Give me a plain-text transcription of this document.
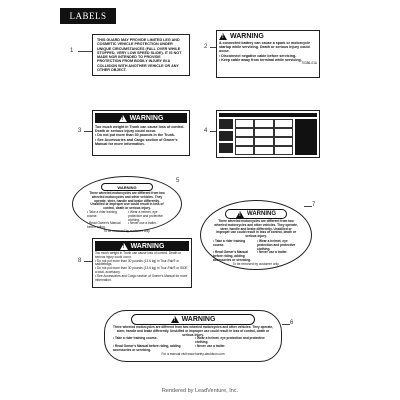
LABELS
1
THIS GUARD MAY PROVIDE LIMITED LEG AND COSMETIC VEHICLE PROTECTION UNDER UNIQUE CIRCUMSTANCES (FALL OVER WHILE STOPPED, VERY LOW SPEED SLIDE). IT IS NOT MADE NOR INTENDED TO PROVIDE PROTECTION FROM BODILY INJURY IN A COLLISION WITH ANOTHER VEHICLE OR ANY OTHER OBJECT.
2
!
WARNING
A connected battery can cause a spark or motorcycle startup while servicing. Death or serious injury could occur.
• Disconnect negative cable before servicing.
• Keep cable away from terminal while servicing.
70386-01A
3
!
WARNING
Too much weight in Trunk can cause loss of control. Death or serious injury could occur.
• Do not put more than 30 pounds in the Trunk.
• See Accessories and Cargo section of Owner's Manual for more information.
4
5
WARNING
Three wheeled motorcycles are different from two wheeled motorcycles and other vehicles. They operate, steer, handle and brake differently. Unskilled or improper use could result in loss of control, death or serious injury.
• Take a rider training course.
• Wear a helmet, eye protection and protective clothing.
• Read Owner's Manual before riding.
• Never use a trailer.
To be removed by customer only.
7
!
WARNING
Three wheeled motorcycles are different from two wheeled motorcycles and other vehicles. They operate, steer, handle and brake differently. Unskilled or improper use could result in loss of control, death or serious injury.
• Take a rider training course.
• Wear a helmet, eye protection and protective clothing.
• Read Owner's Manual before riding, adding accessories or servicing.
• Never use a trailer.
To be removed by customer only.
8
!
WARNING
Too much weight in Trunk can cause loss of control. Death or serious injury could occur.
• Do not put more than 30 pounds (13.6 kg) in Tour-Pak® or saddlebags.
• Do not put more than 30 pounds (13.6 kg) in Tour-Pak® or SIDE a total, accessory.
• See Accessories and Cargo section of Owner's Manual for more information.
6
!
WARNING
Three wheeled motorcycles are different from two wheeled motorcycles and other vehicles. They operate, steer, handle and brake differently. Unskilled or improper use could result in loss of control, death or serious injury.
• Take a rider training course.	• Wear a helmet, eye protection and protective clothing.
• Read Owner's Manual before riding, adding accessories or servicing.
• Never use a trailer.
For a manual visit www.harley-davidson.com
Rendered by LeadVenture, Inc.
